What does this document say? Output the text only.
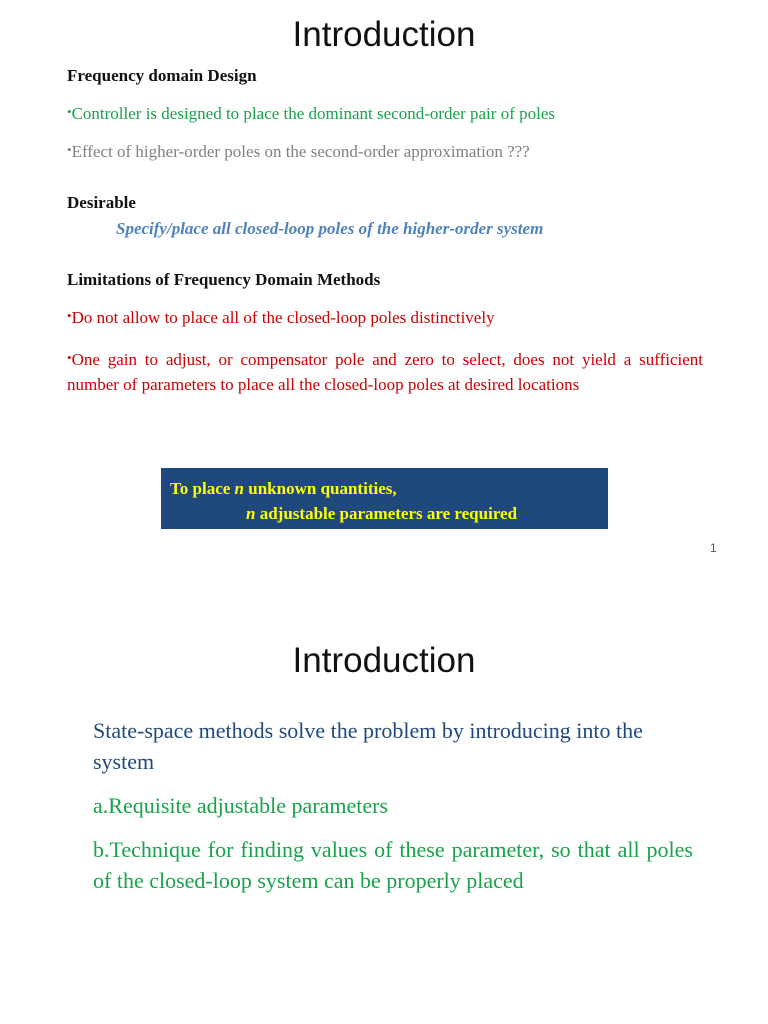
Introduction

Frequency domain Design

•Controller is designed to place the dominant second-order pair of poles

•Effect of higher-order poles on the second-order approximation ???

Desirable

Specify/place all closed-loop poles of the higher-order system

Limitations of Frequency Domain Methods

•Do not allow to place all of the closed-loop poles distinctively

•One gain to adjust, or compensator pole and zero to select, does not yield a sufficient number of parameters to place all the closed-loop poles at desired locations

To place n unknown quantities,
n adjustable parameters are required
1
Introduction

State-space methods solve the problem by introducing into the system

a.Requisite adjustable parameters

b.Technique for finding values of these parameter, so that all poles of the closed-loop system can be properly placed
